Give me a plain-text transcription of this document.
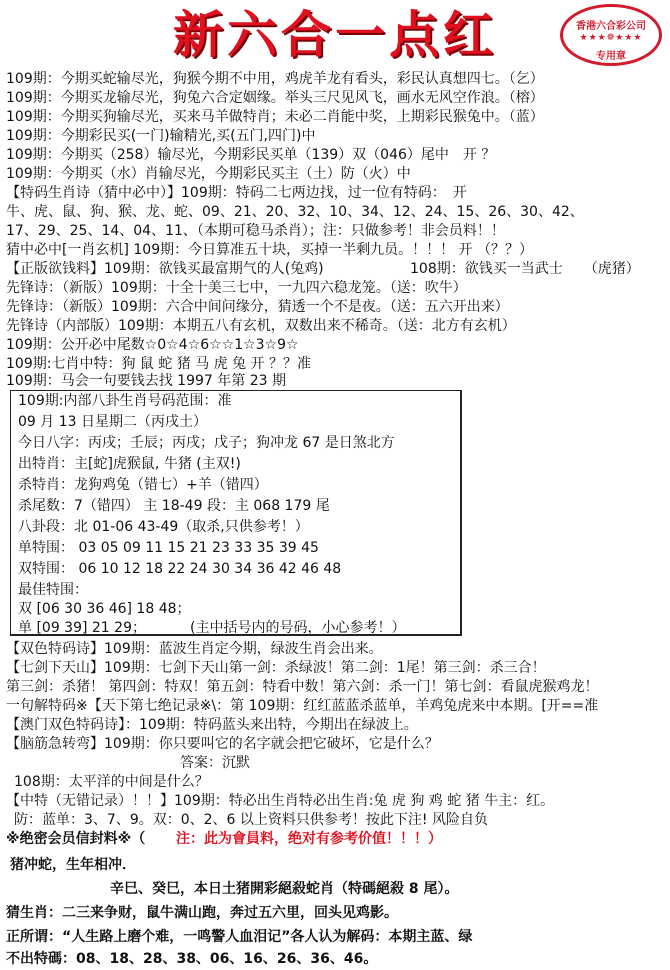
新六合一点红	香港六合彩公司
★★★❁★★★
专用章
109期：今期买蛇输尽光，狗猴今期不中用，鸡虎羊龙有看头，彩民认真想四七。（乞）
109期：今期买龙输尽光，狗兔六合定姻缘。举头三尺见风飞，画水无风空作浪。（榕）
109期：今期买狗输尽光，买来马羊做特肖；未必二肖能中奖，上期彩民猴兔中。（蓝）
109期：今期彩民买(一门)输精光,买(五门,四门)中
109期：今期买（258）输尽光，今期彩民买单（139）双（046）尾中　开 ？
109期：今期买（水）肖输尽光，今期彩民买主（土）防（火）中
【特码生肖诗（猜中必中）】109期：特码二七两边找，过一位有特码：　开
牛、虎、鼠、狗、猴、龙、蛇、09、21、20、32、10、34、12、24、15、26、30、42、
17、29、25、14、04、11、（本期可稳马杀肖）；注：只做参考！非会员料！！
猜中必中[一肖玄机] 109期：今日算准五十块，买掉一半剩九员。！！！ 开 （？？）
【正版欲钱料】109期：欲钱买最富期气的人(兔鸡)	108期：欲钱买一当武士　　（虎猪）
先锋诗：（新版）109期：十全十美三七中，一九四六稳龙笼。（送：吹牛）
先锋诗：（新版）109期：六合中间问缘分，猜透一个不是夜。（送：五六开出来）
先锋诗（内部版）109期：本期五八有玄机，双数出来不稀奇。（送：北方有玄机）
109期：公开必中尾数☆0☆4☆6☆☆1☆3☆9☆
109期:七肖中特：狗 鼠 蛇 猪 马 虎 兔 开 ？？准
109期：马会一句要钱去找 1997 年第 23 期
109期:内部八卦生肖号码范围：准
09 月 13 日星期二（丙戌土）
今日八字：丙戌；壬辰；丙戌；戊子；狗冲龙 67 是日煞北方
出特肖：主[蛇]虎猴鼠, 牛猪 (主双!)
杀特肖：龙狗鸡兔（错七）+羊（错四）
杀尾数：7（错四） 主 18-49 段：主 068 179 尾
八卦段：北 01-06 43-49（取杀,只供参考！）
单特围： 03 05 09 11 15 21 23 33 35 39 45
双特围： 06 10 12 18 22 24 30 34 36 42 46 48
最佳特围：
双 [06 30 36 46] 18 48；
单 [09 39] 21 29；	(主中括号内的号码，小心参考！）
【双色特码诗】109期：蓝波生肖定今期，绿波生肖会出来。
【七剑下天山】109期：七剑下天山第一剑：杀绿波！第二剑：1尾！第三剑：杀三合！
第三剑：杀猪！ 第四剑：特双！第五剑：特看中数！第六剑：杀一门！第七剑：看鼠虎猴鸡龙！
一句解特码※【天下第七绝记录※\：第 109期：红红蓝蓝杀蓝单，羊鸡兔虎来中本期。[开==准
【澳门双色特码诗】：109期：特码蓝头来出特，今期出在绿波上。
【脑筋急转弯】109期：你只要叫它的名字就会把它破坏，它是什么？
答案：沉默
108期：太平洋的中间是什么？
【中特（无错记录）！！】109期：特必出生肖特必出生肖:兔 虎 狗 鸡 蛇 猪 牛主：红。
防：蓝单：3、7、9。双：0、2、6 以上资料只供参考！按此下注! 风险自负
※绝密会员信封料※（ 注：此为會員料，绝对有参考价值！！！）
猪冲蛇，生年相冲．
辛巳、癸巳，本日土猪開彩絕殺蛇肖（特碼絕殺 8 尾）。
猜生肖：二三来争财，鼠牛满山跑，奔过五六里，回头见鸡影。
正所谓：“人生路上磨个难，一鸣警人血泪记”各人认为解码：本期主蓝、绿
不出特碼：08、18、28、38、06、16、26、36、46。
